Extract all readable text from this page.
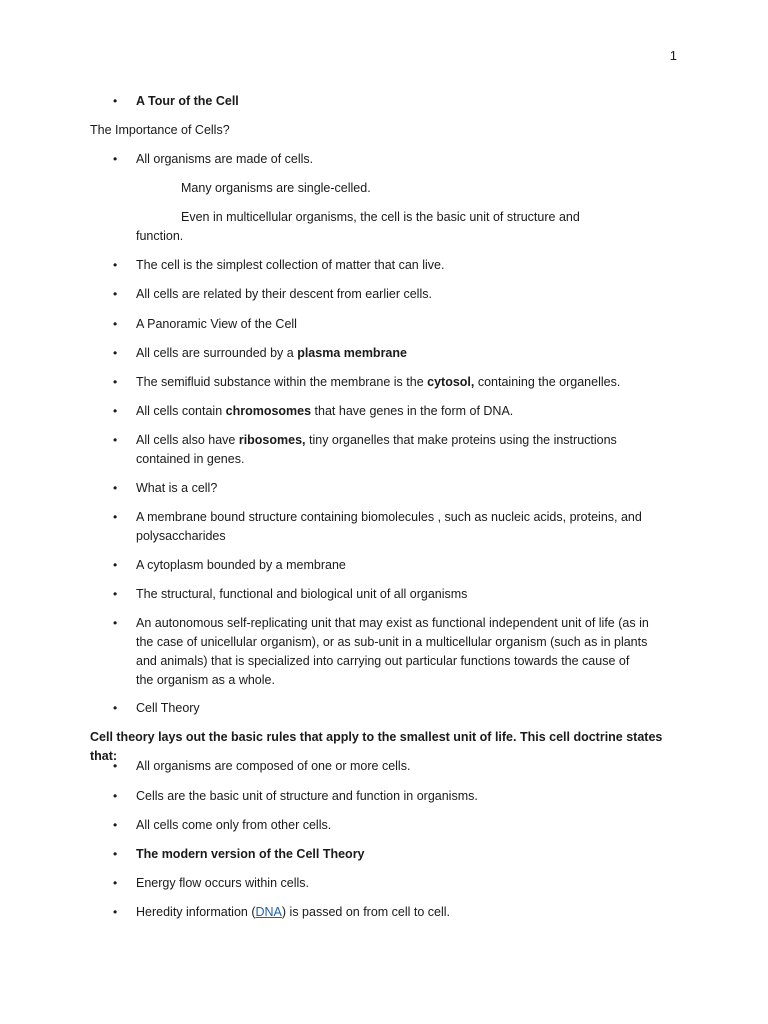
1
• A Tour of the Cell
The Importance of Cells?
• All organisms are made of cells.
Many organisms are single-celled.
Even in multicellular organisms, the cell is the basic unit of structure and
function.
• The cell is the simplest collection of matter that can live.
• All cells are related by their descent from earlier cells.
• A Panoramic View of the Cell
• All cells are surrounded by a plasma membrane
• The semifluid substance within the membrane is the cytosol, containing the organelles.
• All cells contain chromosomes that have genes in the form of DNA.
• All cells also have ribosomes, tiny organelles that make proteins using the instructions
contained in genes.
• What is a cell?
• A membrane bound structure containing biomolecules , such as nucleic acids, proteins, and
polysaccharides
• A cytoplasm bounded by a membrane
• The structural, functional and biological unit of all organisms
• An autonomous self-replicating unit that may exist as functional independent unit of life (as in
the case of unicellular organism), or as sub-unit in a multicellular organism (such as in plants
and animals) that is specialized into carrying out particular functions towards the cause of
the organism as a whole.
• Cell Theory
Cell theory lays out the basic rules that apply to the smallest unit of life. This cell doctrine states that:
• All organisms are composed of one or more cells.
• Cells are the basic unit of structure and function in organisms.
• All cells come only from other cells.
• The modern version of the Cell Theory
• Energy flow occurs within cells.
• Heredity information (DNA) is passed on from cell to cell.
